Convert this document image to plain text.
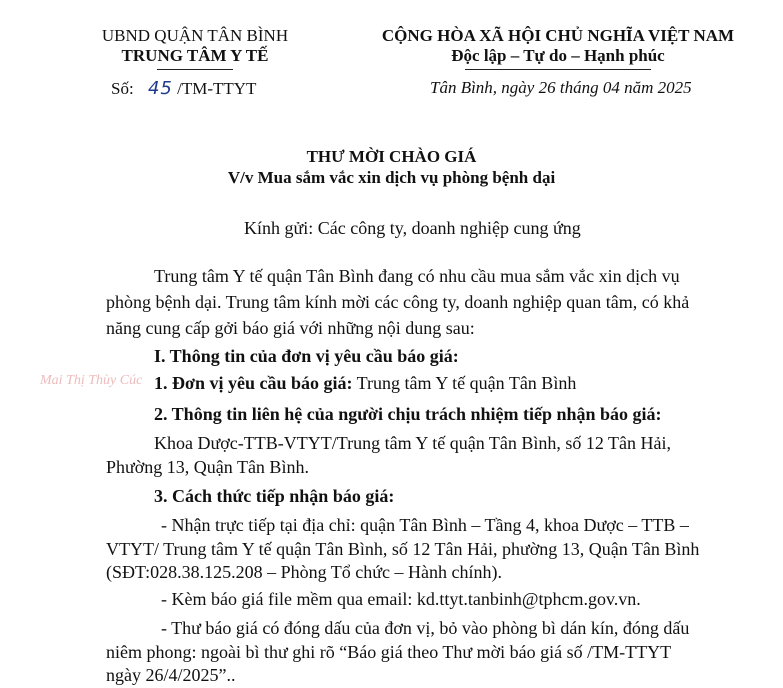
UBND QUẬN TÂN BÌNH
TRUNG TÂM Y TẾ
Số: 45 /TM-TTYT
CỘNG HÒA XÃ HỘI CHỦ NGHĨA VIỆT NAM
Độc lập – Tự do – Hạnh phúc
Tân Bình, ngày 26 tháng 04 năm 2025
THƯ MỜI CHÀO GIÁ
V/v Mua sắm vắc xin dịch vụ phòng bệnh dại
Kính gửi: Các công ty, doanh nghiệp cung ứng
Trung tâm Y tế quận Tân Bình đang có nhu cầu mua sắm vắc xin dịch vụ
phòng bệnh dại. Trung tâm kính mời các công ty, doanh nghiệp quan tâm, có khả
năng cung cấp gởi báo giá với những nội dung sau:
Mai Thị Thùy Cúc
I. Thông tin của đơn vị yêu cầu báo giá:
1. Đơn vị yêu cầu báo giá: Trung tâm Y tế quận Tân Bình
2. Thông tin liên hệ của người chịu trách nhiệm tiếp nhận báo giá:
Khoa Dược-TTB-VTYT/Trung tâm Y tế quận Tân Bình, số 12 Tân Hải,
Phường 13, Quận Tân Bình.
3. Cách thức tiếp nhận báo giá:
- Nhận trực tiếp tại địa chỉ: quận Tân Bình – Tầng 4, khoa Dược – TTB –
VTYT/ Trung tâm Y tế quận Tân Bình, số 12 Tân Hải, phường 13, Quận Tân Bình
(SĐT:028.38.125.208 – Phòng Tổ chức – Hành chính).
- Kèm báo giá file mềm qua email: kd.ttyt.tanbinh@tphcm.gov.vn.
- Thư báo giá có đóng dấu của đơn vị, bỏ vào phòng bì dán kín, đóng dấu
niêm phong: ngoài bì thư ghi rõ “Báo giá theo Thư mời báo giá số /TM-TTYT
ngày 26/4/2025”..
